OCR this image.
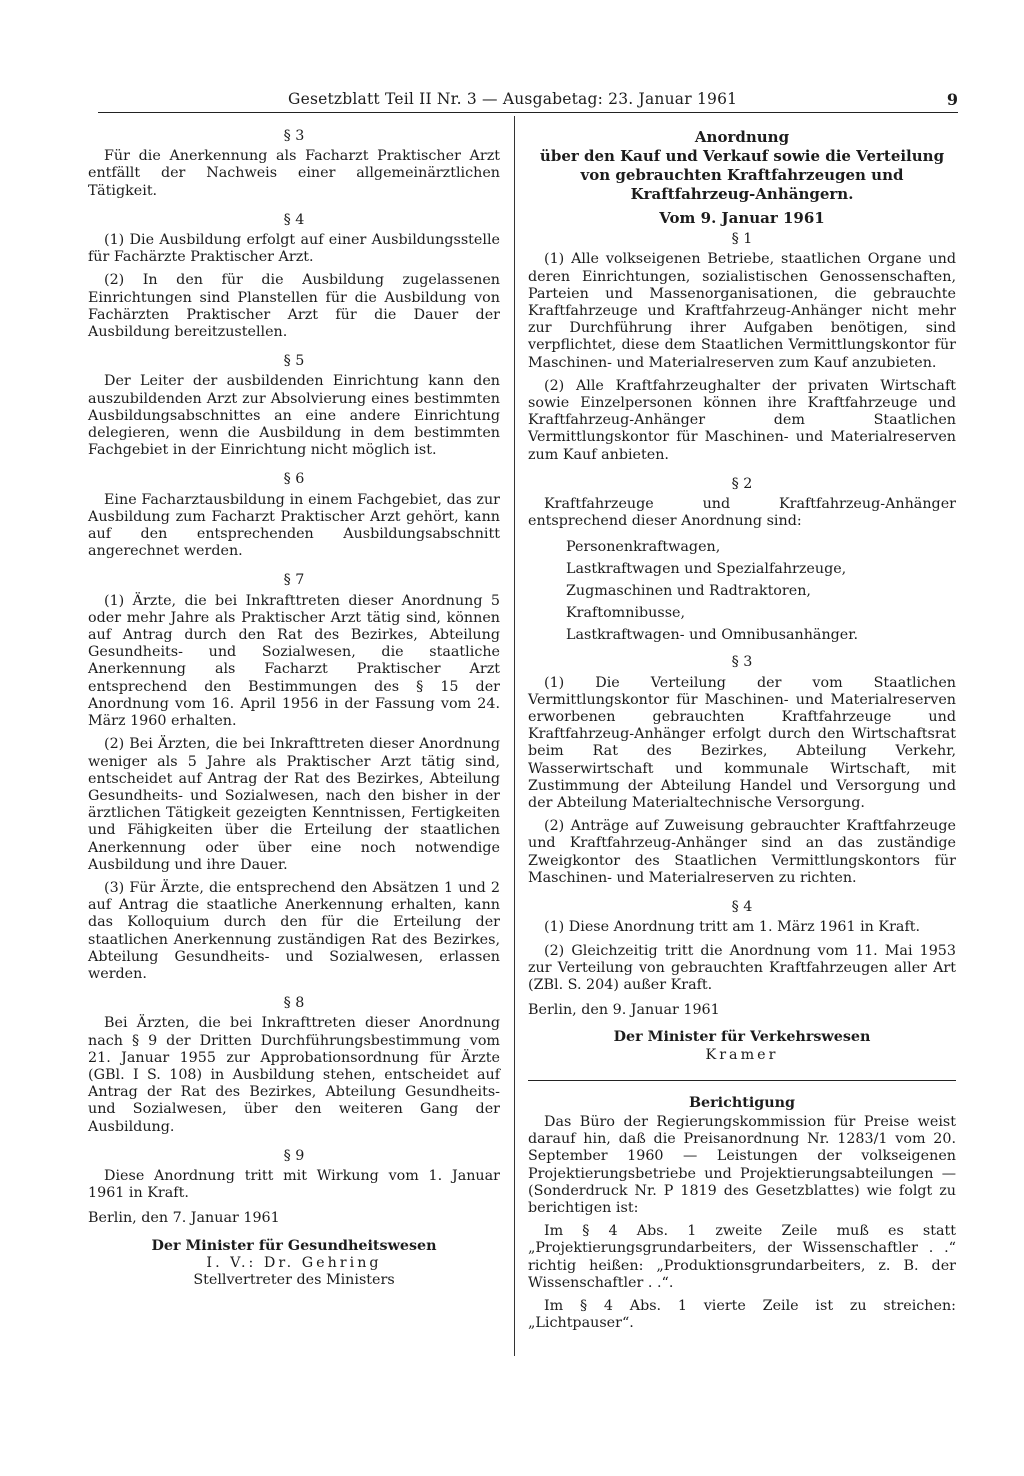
Gesetzblatt Teil II Nr. 3 — Ausgabetag: 23. Januar 1961	9
§ 3

Für die Anerkennung als Facharzt Praktischer Arzt entfällt der Nachweis einer allgemeinärztlichen Tätigkeit.

§ 4

(1) Die Ausbildung erfolgt auf einer Ausbildungsstelle für Fachärzte Praktischer Arzt.

(2) In den für die Ausbildung zugelassenen Einrichtungen sind Planstellen für die Ausbildung von Fachärzten Praktischer Arzt für die Dauer der Ausbildung bereitzustellen.

§ 5

Der Leiter der ausbildenden Einrichtung kann den auszubildenden Arzt zur Absolvierung eines bestimmten Ausbildungsabschnittes an eine andere Einrichtung delegieren, wenn die Ausbildung in dem bestimmten Fachgebiet in der Einrichtung nicht möglich ist.

§ 6

Eine Facharztausbildung in einem Fachgebiet, das zur Ausbildung zum Facharzt Praktischer Arzt gehört, kann auf den entsprechenden Ausbildungsabschnitt angerechnet werden.

§ 7

(1) Ärzte, die bei Inkrafttreten dieser Anordnung 5 oder mehr Jahre als Praktischer Arzt tätig sind, können auf Antrag durch den Rat des Bezirkes, Abteilung Gesundheits- und Sozialwesen, die staatliche Anerkennung als Facharzt Praktischer Arzt entsprechend den Bestimmungen des § 15 der Anordnung vom 16. April 1956 in der Fassung vom 24. März 1960 erhalten.

(2) Bei Ärzten, die bei Inkrafttreten dieser Anordnung weniger als 5 Jahre als Praktischer Arzt tätig sind, entscheidet auf Antrag der Rat des Bezirkes, Abteilung Gesundheits- und Sozialwesen, nach den bisher in der ärztlichen Tätigkeit gezeigten Kenntnissen, Fertigkeiten und Fähigkeiten über die Erteilung der staatlichen Anerkennung oder über eine noch notwendige Ausbildung und ihre Dauer.

(3) Für Ärzte, die entsprechend den Absätzen 1 und 2 auf Antrag die staatliche Anerkennung erhalten, kann das Kolloquium durch den für die Erteilung der staatlichen Anerkennung zuständigen Rat des Bezirkes, Abteilung Gesundheits- und Sozialwesen, erlassen werden.

§ 8

Bei Ärzten, die bei Inkrafttreten dieser Anordnung nach § 9 der Dritten Durchführungsbestimmung vom 21. Januar 1955 zur Approbationsordnung für Ärzte (GBl. I S. 108) in Ausbildung stehen, entscheidet auf Antrag der Rat des Bezirkes, Abteilung Gesundheits- und Sozialwesen, über den weiteren Gang der Ausbildung.

§ 9

Diese Anordnung tritt mit Wirkung vom 1. Januar 1961 in Kraft.

Berlin, den 7. Januar 1961

Der Minister für Gesundheitswesen
I. V.: Dr. Gehring
Stellvertreter des Ministers
Anordnung
über den Kauf und Verkauf sowie die Verteilung
von gebrauchten Kraftfahrzeugen und
Kraftfahrzeug-Anhängern.
Vom 9. Januar 1961
§ 1

(1) Alle volkseigenen Betriebe, staatlichen Organe und deren Einrichtungen, sozialistischen Genossenschaften, Parteien und Massenorganisationen, die gebrauchte Kraftfahrzeuge und Kraftfahrzeug-Anhänger nicht mehr zur Durchführung ihrer Aufgaben benötigen, sind verpflichtet, diese dem Staatlichen Vermittlungskontor für Maschinen- und Materialreserven zum Kauf anzubieten.

(2) Alle Kraftfahrzeughalter der privaten Wirtschaft sowie Einzelpersonen können ihre Kraftfahrzeuge und Kraftfahrzeug-Anhänger dem Staatlichen Vermittlungskontor für Maschinen- und Materialreserven zum Kauf anbieten.

§ 2

Kraftfahrzeuge und Kraftfahrzeug-Anhänger entsprechend dieser Anordnung sind:

Personenkraftwagen,
Lastkraftwagen und Spezialfahrzeuge,
Zugmaschinen und Radtraktoren,
Kraftomnibusse,
Lastkraftwagen- und Omnibusanhänger.
§ 3

(1) Die Verteilung der vom Staatlichen Vermittlungskontor für Maschinen- und Materialreserven erworbenen gebrauchten Kraftfahrzeuge und Kraftfahrzeug-Anhänger erfolgt durch den Wirtschaftsrat beim Rat des Bezirkes, Abteilung Verkehr, Wasserwirtschaft und kommunale Wirtschaft, mit Zustimmung der Abteilung Handel und Versorgung und der Abteilung Materialtechnische Versorgung.

(2) Anträge auf Zuweisung gebrauchter Kraftfahrzeuge und Kraftfahrzeug-Anhänger sind an das zuständige Zweigkontor des Staatlichen Vermittlungskontors für Maschinen- und Materialreserven zu richten.

§ 4

(1) Diese Anordnung tritt am 1. März 1961 in Kraft.

(2) Gleichzeitig tritt die Anordnung vom 11. Mai 1953 zur Verteilung von gebrauchten Kraftfahrzeugen aller Art (ZBl. S. 204) außer Kraft.

Berlin, den 9. Januar 1961

Der Minister für Verkehrswesen
Kramer
Berichtigung

Das Büro der Regierungskommission für Preise weist darauf hin, daß die Preisanordnung Nr. 1283/1 vom 20. September 1960 — Leistungen der volkseigenen Projektierungsbetriebe und Projektierungsabteilungen — (Sonderdruck Nr. P 1819 des Gesetzblattes) wie folgt zu berichtigen ist:

Im § 4 Abs. 1 zweite Zeile muß es statt „Projektierungsgrundarbeiters, der Wissenschaftler . .“ richtig heißen: „Produktionsgrundarbeiters, z. B. der Wissenschaftler . .“.

Im § 4 Abs. 1 vierte Zeile ist zu streichen: „Lichtpauser“.
